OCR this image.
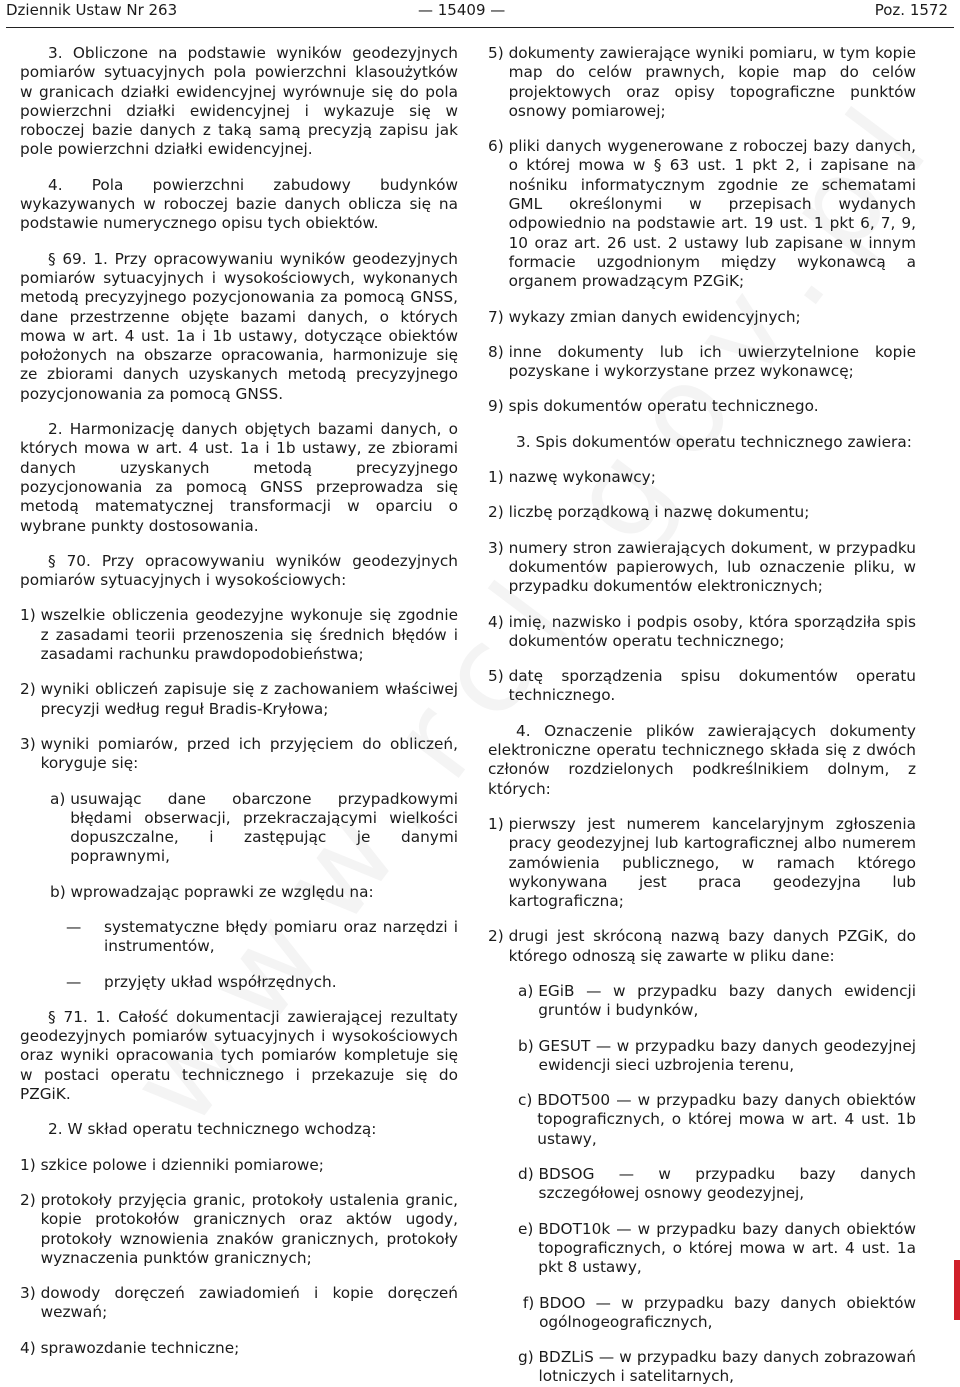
Dziennik Ustaw Nr 263	— 15409 —	Poz. 1572

3. Obliczone na podstawie wyników geodezyjnych pomiarów sytuacyjnych pola powierzchni klasoużytków w granicach działki ewidencyjnej wyrównuje się do pola powierzchni działki ewidencyjnej i wykazuje się w roboczej bazie danych z taką samą precyzją zapisu jak pole powierzchni działki ewidencyjnej.

4. Pola powierzchni zabudowy budynków wykazywanych w roboczej bazie danych oblicza się na podstawie numerycznego opisu tych obiektów.

§ 69. 1. Przy opracowywaniu wyników geodezyjnych pomiarów sytuacyjnych i wysokościowych, wykonanych metodą precyzyjnego pozycjonowania za pomocą GNSS, dane przestrzenne objęte bazami danych, o których mowa w art. 4 ust. 1a i 1b ustawy, dotyczące obiektów położonych na obszarze opracowania, harmonizuje się ze zbiorami danych uzyskanych metodą precyzyjnego pozycjonowania za pomocą GNSS.

2. Harmonizację danych objętych bazami danych, o których mowa w art. 4 ust. 1a i 1b ustawy, ze zbiorami danych uzyskanych metodą precyzyjnego pozycjonowania za pomocą GNSS przeprowadza się metodą matematycznej transformacji w oparciu o wybrane punkty dostosowania.

§ 70. Przy opracowywaniu wyników geodezyjnych pomiarów sytuacyjnych i wysokościowych:

1) wszelkie obliczenia geodezyjne wykonuje się zgodnie z zasadami teorii przenoszenia się średnich błędów i zasadami rachunku prawdopodobieństwa;
2) wyniki obliczeń zapisuje się z zachowaniem właściwej precyzji według reguł Bradis-Kryłowa;
3) wyniki pomiarów, przed ich przyjęciem do obliczeń, koryguje się:
a) usuwając dane obarczone przypadkowymi błędami obserwacji, przekraczającymi wielkości dopuszczalne, i zastępując je danymi poprawnymi,
b) wprowadzając poprawki ze względu na:
—	systematyczne błędy pomiaru oraz narzędzi i instrumentów,
—	przyjęty układ współrzędnych.

§ 71. 1. Całość dokumentacji zawierającej rezultaty geodezyjnych pomiarów sytuacyjnych i wysokościowych oraz wyniki opracowania tych pomiarów kompletuje się w postaci operatu technicznego i przekazuje się do PZGiK.

2. W skład operatu technicznego wchodzą:

1) szkice polowe i dzienniki pomiarowe;
2) protokoły przyjęcia granic, protokoły ustalenia granic, kopie protokołów granicznych oraz aktów ugody, protokoły wznowienia znaków granicznych, protokoły wyznaczenia punktów granicznych;
3) dowody doręczeń zawiadomień i kopie doręczeń wezwań;
4) sprawozdanie techniczne;
5) dokumenty zawierające wyniki pomiaru, w tym kopie map do celów prawnych, kopie map do celów projektowych oraz opisy topograficzne punktów osnowy pomiarowej;
6) pliki danych wygenerowane z roboczej bazy danych, o której mowa w § 63 ust. 1 pkt 2, i zapisane na nośniku informatycznym zgodnie ze schematami GML określonymi w przepisach wydanych odpowiednio na podstawie art. 19 ust. 1 pkt 6, 7, 9, 10 oraz art. 26 ust. 2 ustawy lub zapisane w innym formacie uzgodnionym między wykonawcą a organem prowadzącym PZGiK;
7) wykazy zmian danych ewidencyjnych;
8) inne dokumenty lub ich uwierzytelnione kopie pozyskane i wykorzystane przez wykonawcę;
9) spis dokumentów operatu technicznego.

3. Spis dokumentów operatu technicznego zawiera:

1) nazwę wykonawcy;
2) liczbę porządkową i nazwę dokumentu;
3) numery stron zawierających dokument, w przypadku dokumentów papierowych, lub oznaczenie pliku, w przypadku dokumentów elektronicznych;
4) imię, nazwisko i podpis osoby, która sporządziła spis dokumentów operatu technicznego;
5) datę sporządzenia spisu dokumentów operatu technicznego.

4. Oznaczenie plików zawierających dokumenty elektroniczne operatu technicznego składa się z dwóch członów rozdzielonych podkreślnikiem dolnym, z których:

1) pierwszy jest numerem kancelaryjnym zgłoszenia pracy geodezyjnej lub kartograficznej albo numerem zamówienia publicznego, w ramach którego wykonywana jest praca geodezyjna lub kartograficzna;
2) drugi jest skróconą nazwą bazy danych PZGiK, do którego odnoszą się zawarte w pliku dane:
a) EGiB — w przypadku bazy danych ewidencji gruntów i budynków,
b) GESUT — w przypadku bazy danych geodezyjnej ewidencji sieci uzbrojenia terenu,
c) BDOT500 — w przypadku bazy danych obiektów topograficznych, o której mowa w art. 4 ust. 1b ustawy,
d) BDSOG — w przypadku bazy danych szczegółowej osnowy geodezyjnej,
e) BDOT10k — w przypadku bazy danych obiektów topograficznych, o której mowa w art. 4 ust. 1a pkt 8 ustawy,
f) BDOO — w przypadku bazy danych obiektów ogólnogeograficznych,
g) BDZLiS — w przypadku bazy danych zobrazowań lotniczych i satelitarnych,
